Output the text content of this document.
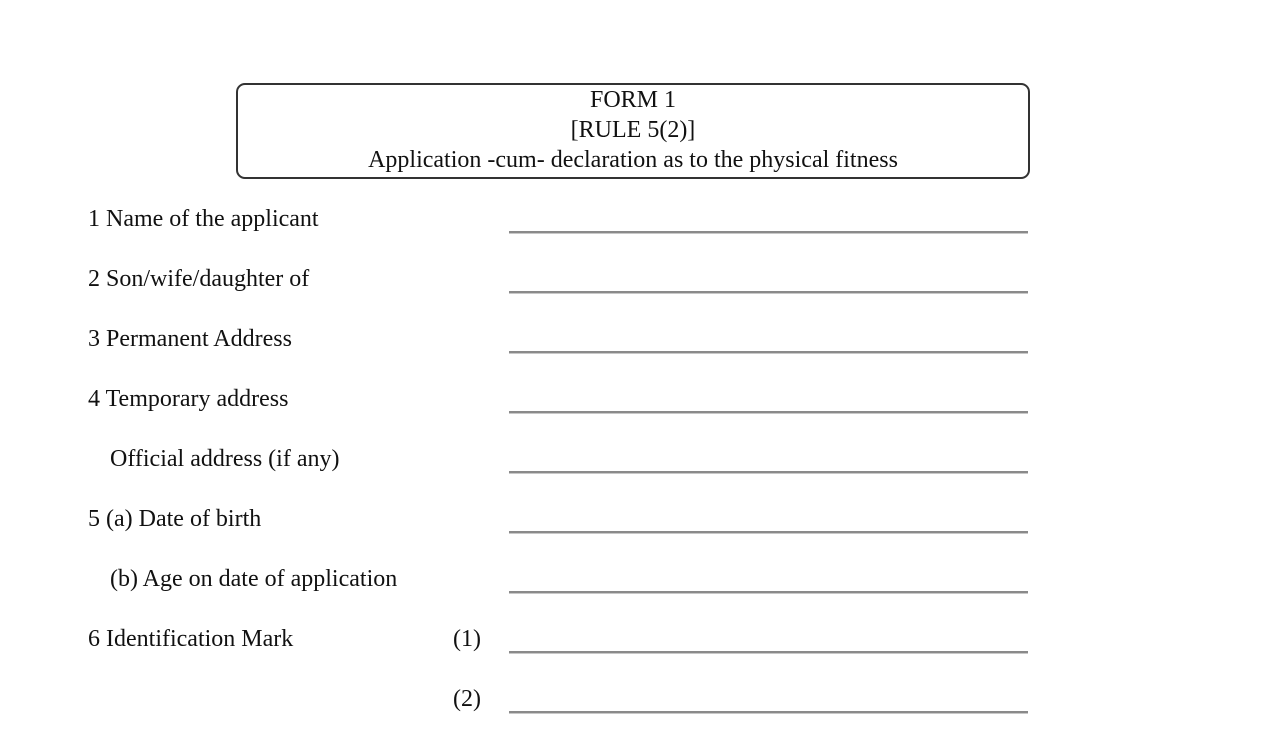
FORM 1
[RULE 5(2)]
Application -cum- declaration as to the physical fitness
1 Name of the applicant
2 Son/wife/daughter of
3 Permanent Address
4 Temporary address
Official address (if any)
5 (a) Date of birth
(b) Age on date of application
6 Identification Mark	(1)
(2)
